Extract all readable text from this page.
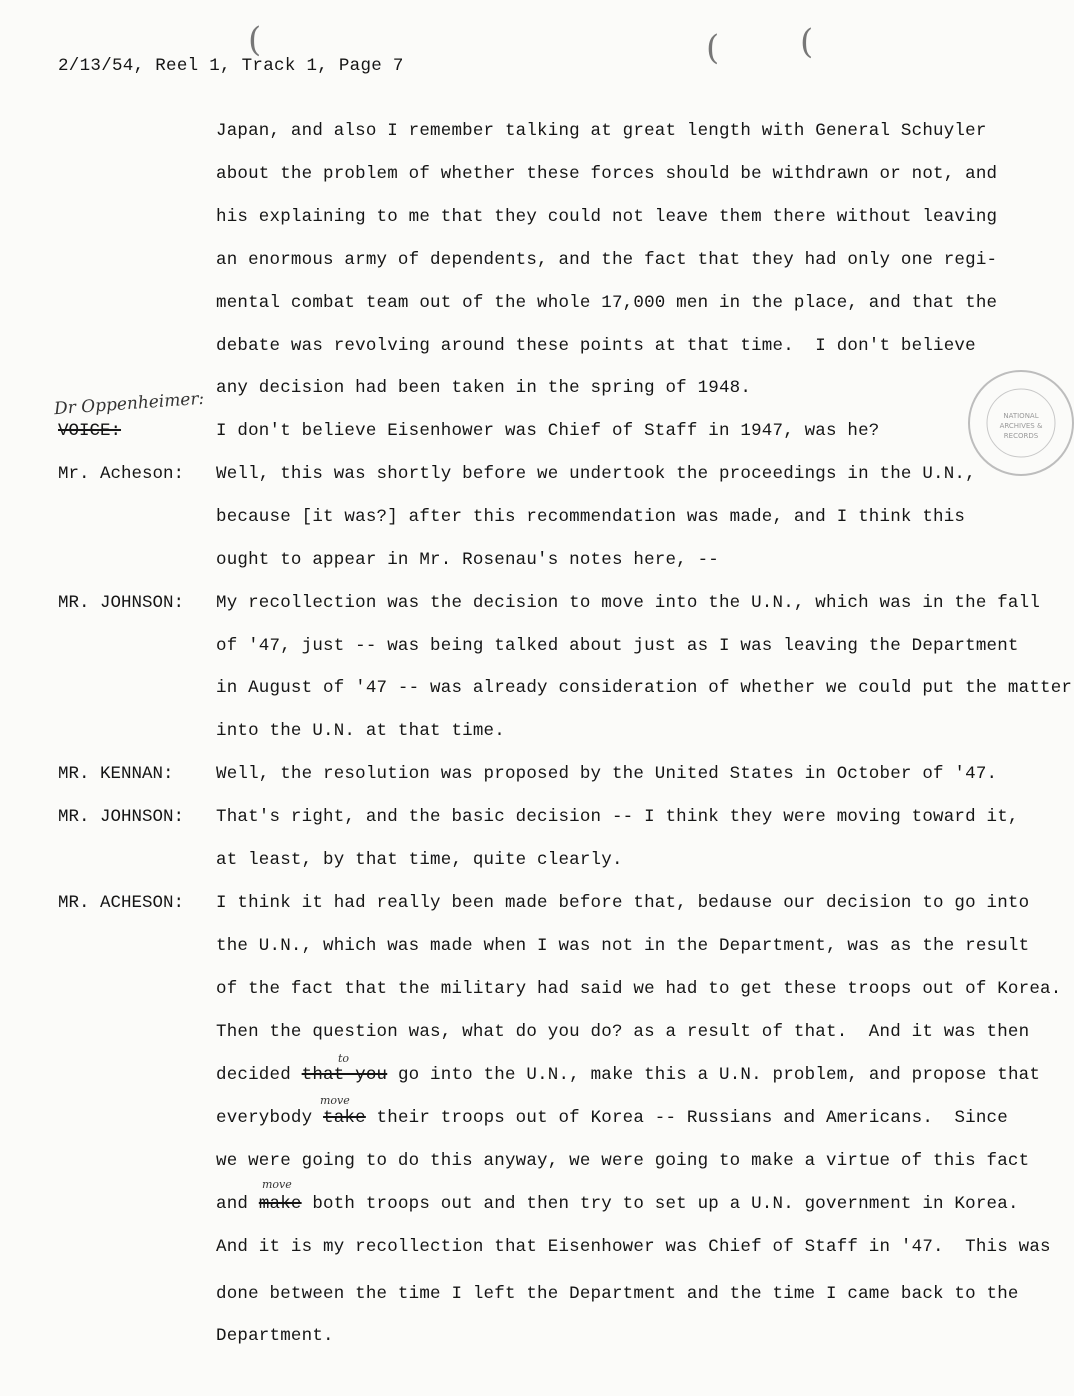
(	( (
2/13/54, Reel 1, Track 1, Page 7
NATIONAL
ARCHIVES &
RECORDS
Dr Oppenheimer:
VOICE:
Mr. Acheson:
MR. JOHNSON:
MR. KENNAN:
MR. JOHNSON:
MR. ACHESON:
Japan, and also I remember talking at great length with General Schuyler
about the problem of whether these forces should be withdrawn or not, and
his explaining to me that they could not leave them there without leaving
an enormous army of dependents, and the fact that they had only one regi-
mental combat team out of the whole 17,000 men in the place, and that the
debate was revolving around these points at that time.  I don't believe
any decision had been taken in the spring of 1948.
I don't believe Eisenhower was Chief of Staff in 1947, was he?
Well, this was shortly before we undertook the proceedings in the U.N.,
because [it was?] after this recommendation was made, and I think this
ought to appear in Mr. Rosenau's notes here, --
My recollection was the decision to move into the U.N., which was in the fall
of '47, just -- was being talked about just as I was leaving the Department
in August of '47 -- was already consideration of whether we could put the matter
into the U.N. at that time.
Well, the resolution was proposed by the United States in October of '47.
That's right, and the basic decision -- I think they were moving toward it,
at least, by that time, quite clearly.
I think it had really been made before that, bedause our decision to go into
the U.N., which was made when I was not in the Department, was as the result
of the fact that the military had said we had to get these troops out of Korea.
Then the question was, what do you do? as a result of that.  And it was then
decided that you go into the U.N., make this a U.N. problem, and propose that
to
everybody take their troops out of Korea -- Russians and Americans.  Since
move
we were going to do this anyway, we were going to make a virtue of this fact
and make both troops out and then try to set up a U.N. government in Korea.
move
And it is my recollection that Eisenhower was Chief of Staff in '47.  This was
done between the time I left the Department and the time I came back to the
Department.
